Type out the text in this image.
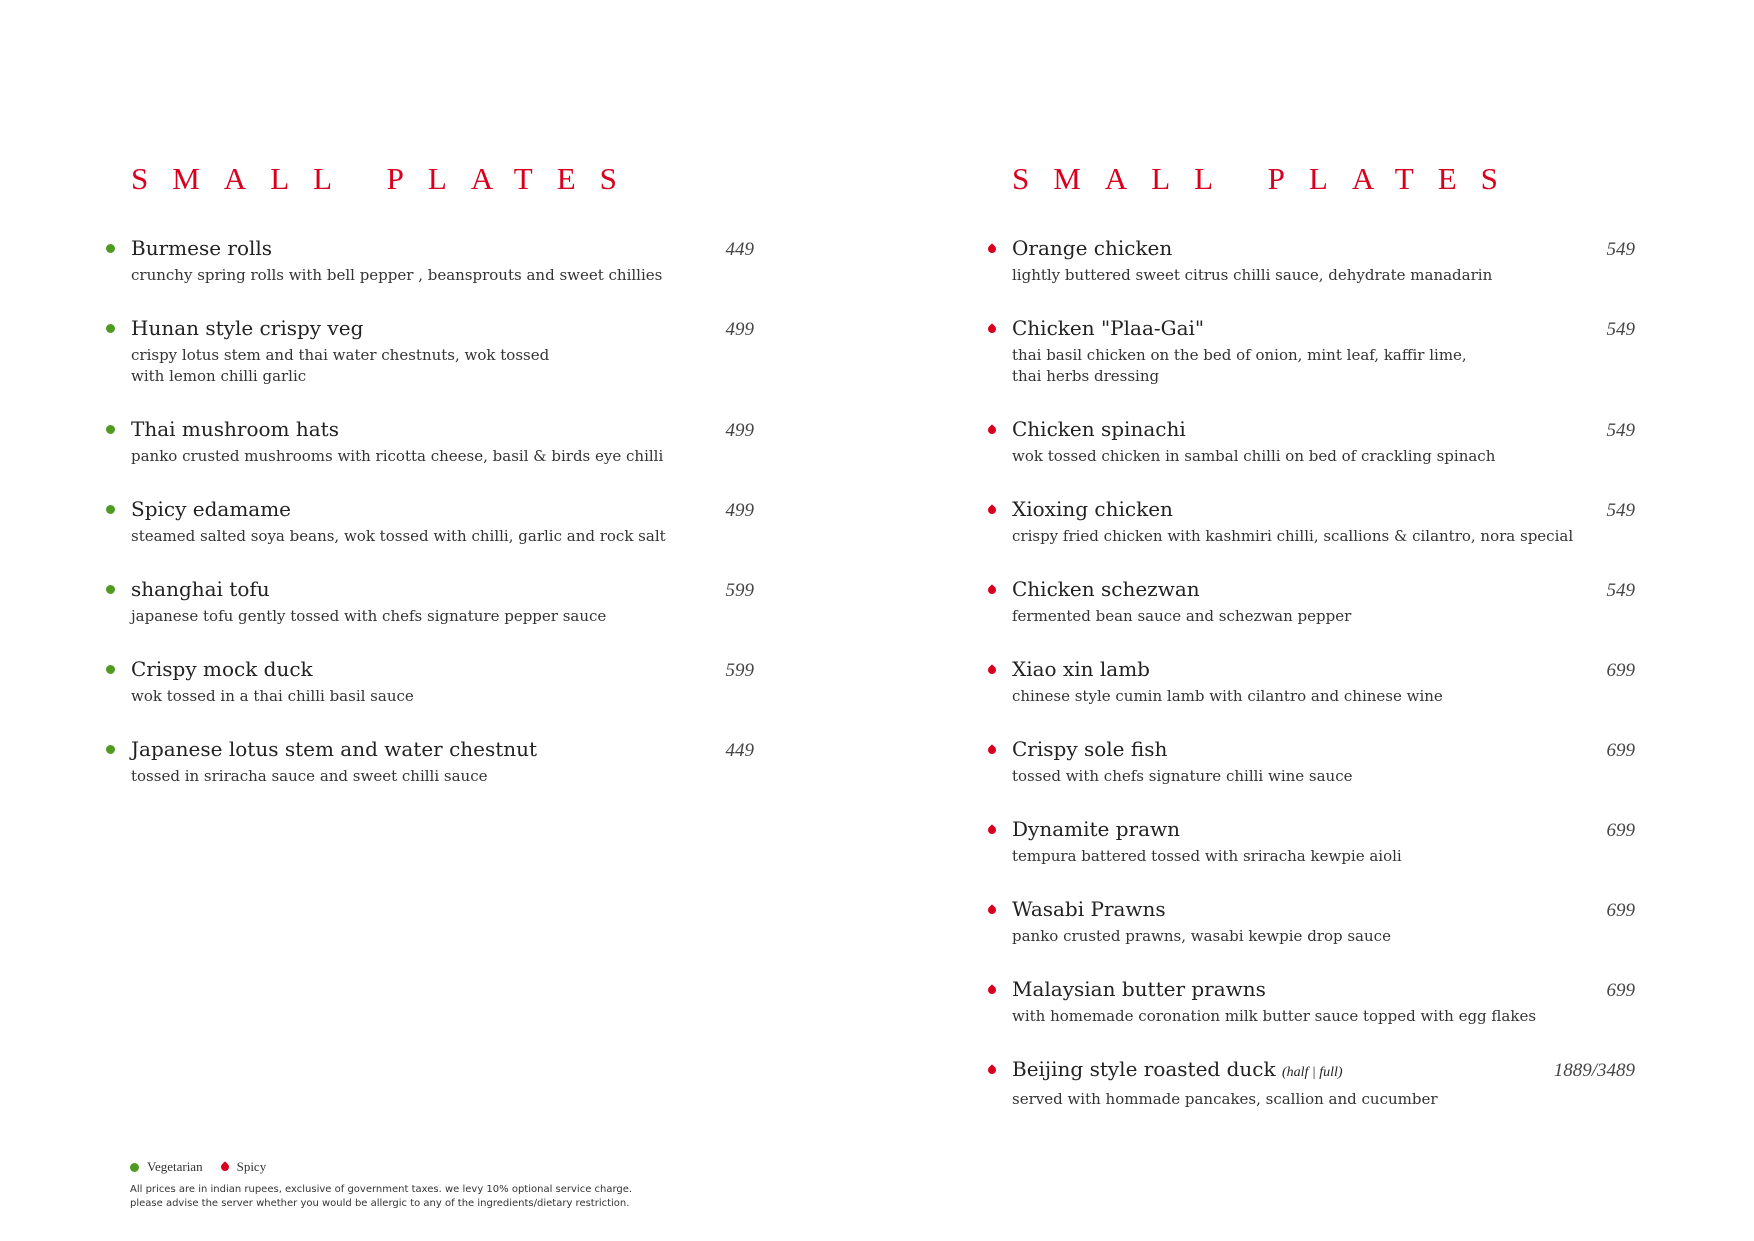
SMALL PLATES
Burmese rolls	449
crunchy spring rolls with bell pepper , beansprouts and sweet chillies
Hunan style crispy veg	499
crispy lotus stem and thai water chestnuts, wok tossed
with lemon chilli garlic
Thai mushroom hats	499
panko crusted mushrooms with ricotta cheese, basil & birds eye chilli
Spicy edamame	499
steamed salted soya beans, wok tossed with chilli, garlic and rock salt
shanghai tofu	599
japanese tofu gently tossed with chefs signature pepper sauce
Crispy mock duck	599
wok tossed in a thai chilli basil sauce
Japanese lotus stem and water chestnut	449
tossed in sriracha sauce and sweet chilli sauce
SMALL PLATES
Orange chicken	549
lightly buttered sweet citrus chilli sauce, dehydrate manadarin
Chicken "Plaa-Gai"	549
thai basil chicken on the bed of onion, mint leaf, kaffir lime,
thai herbs dressing
Chicken spinachi	549
wok tossed chicken in sambal chilli on bed of crackling spinach
Xioxing chicken	549
crispy fried chicken with kashmiri chilli, scallions & cilantro, nora special
Chicken schezwan	549
fermented bean sauce and schezwan pepper
Xiao xin lamb	699
chinese style cumin lamb with cilantro and chinese wine
Crispy sole fish	699
tossed with chefs signature chilli wine sauce
Dynamite prawn	699
tempura battered tossed with sriracha kewpie aioli
Wasabi Prawns	699
panko crusted prawns, wasabi kewpie drop sauce
Malaysian butter prawns	699
with homemade coronation milk butter sauce topped with egg flakes
Beijing style roasted duck (half | full)	1889/3489
served with hommade pancakes, scallion and cucumber
Vegetarian	Spicy
All prices are in indian rupees, exclusive of government taxes. we levy 10% optional service charge.
please advise the server whether you would be allergic to any of the ingredients/dietary restriction.
